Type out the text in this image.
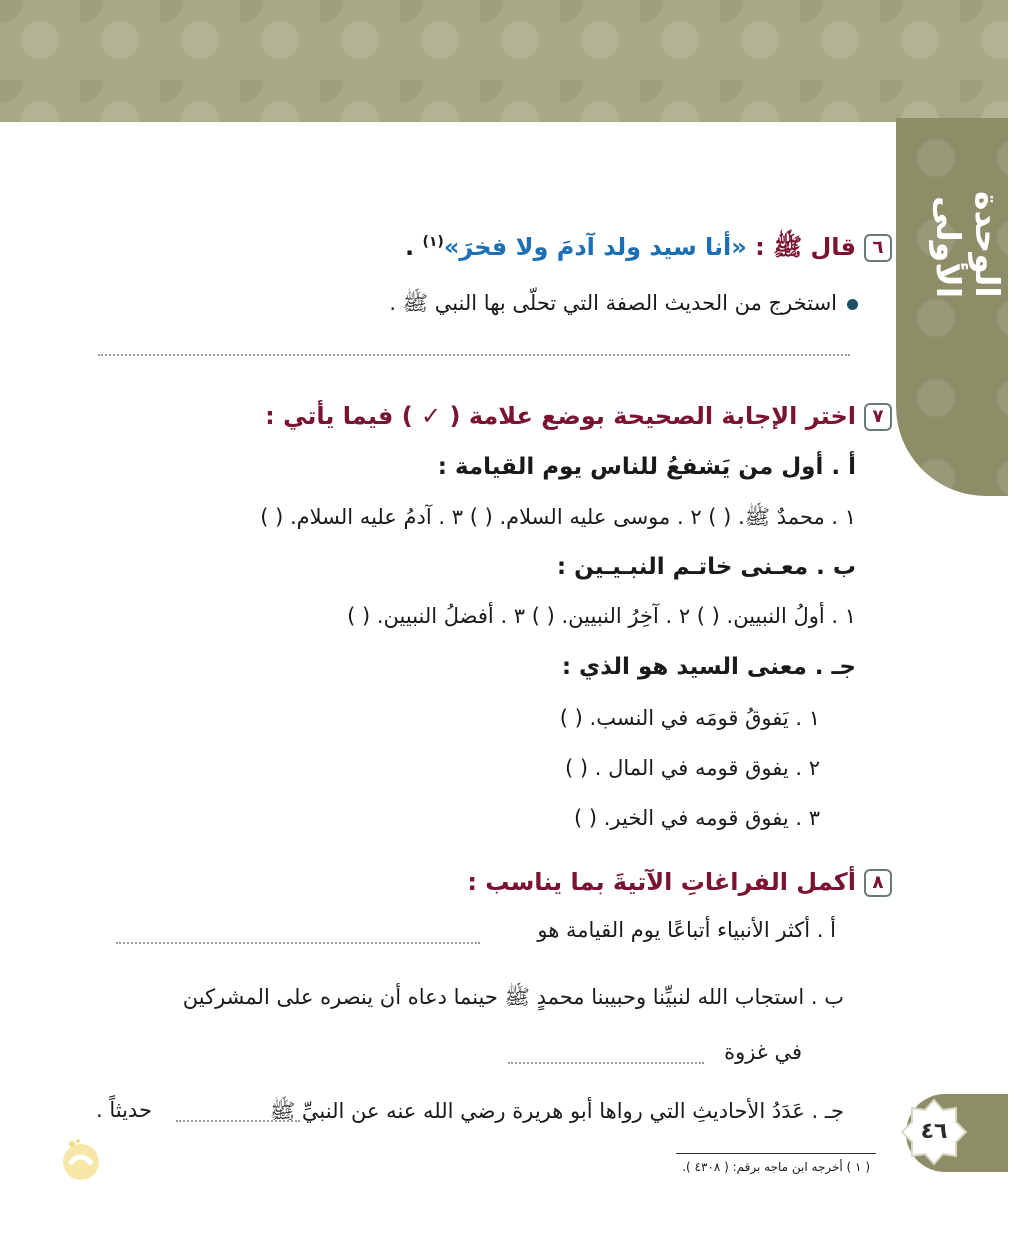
الوحدة الأولى
٦قال ﷺ : «أنا سيد ولد آدمَ ولا فخرَ»$^{(١)}$ .
استخرج من الحديث الصفة التي تحلّى بها النبي ﷺ .
٧اختر الإجابة الصحيحة بوضع علامة ( ✓ ) فيما يأتي :
أ . أول من يَشفعُ للناس يوم القيامة :
١ . محمدٌ ﷺ. ( ) ٢ . موسى عليه السلام. ( ) ٣ . آدمُ عليه السلام. ( )
ب . معـنى خاتـم النبـيـين :
١ . أولُ النبيين. ( ) ٢ . آخِرُ النبيين. ( ) ٣ . أفضلُ النبيين. ( )
جـ . معنى السيد هو الذي :
١ . يَفوقُ قومَه في النسب. ( )
٢ . يفوق قومه في المال . ( )
٣ . يفوق قومه في الخير. ( )
٨أكمل الفراغاتِ الآتيةَ بما يناسب :
أ . أكثر الأنبياء أتباعًا يوم القيامة هو
ب . استجاب الله لنبيِّنا وحبيبنا محمدٍ ﷺ حينما دعاه أن ينصره على المشركين
في غزوة
جـ . عَدَدُ الأحاديثِ التي رواها أبو هريرة رضي الله عنه عن النبيِّ ﷺ
حديثاً .
( ١ ) أخرجه ابن ماجه برقم: ( ٤٣٠٨ ).
٤٦
